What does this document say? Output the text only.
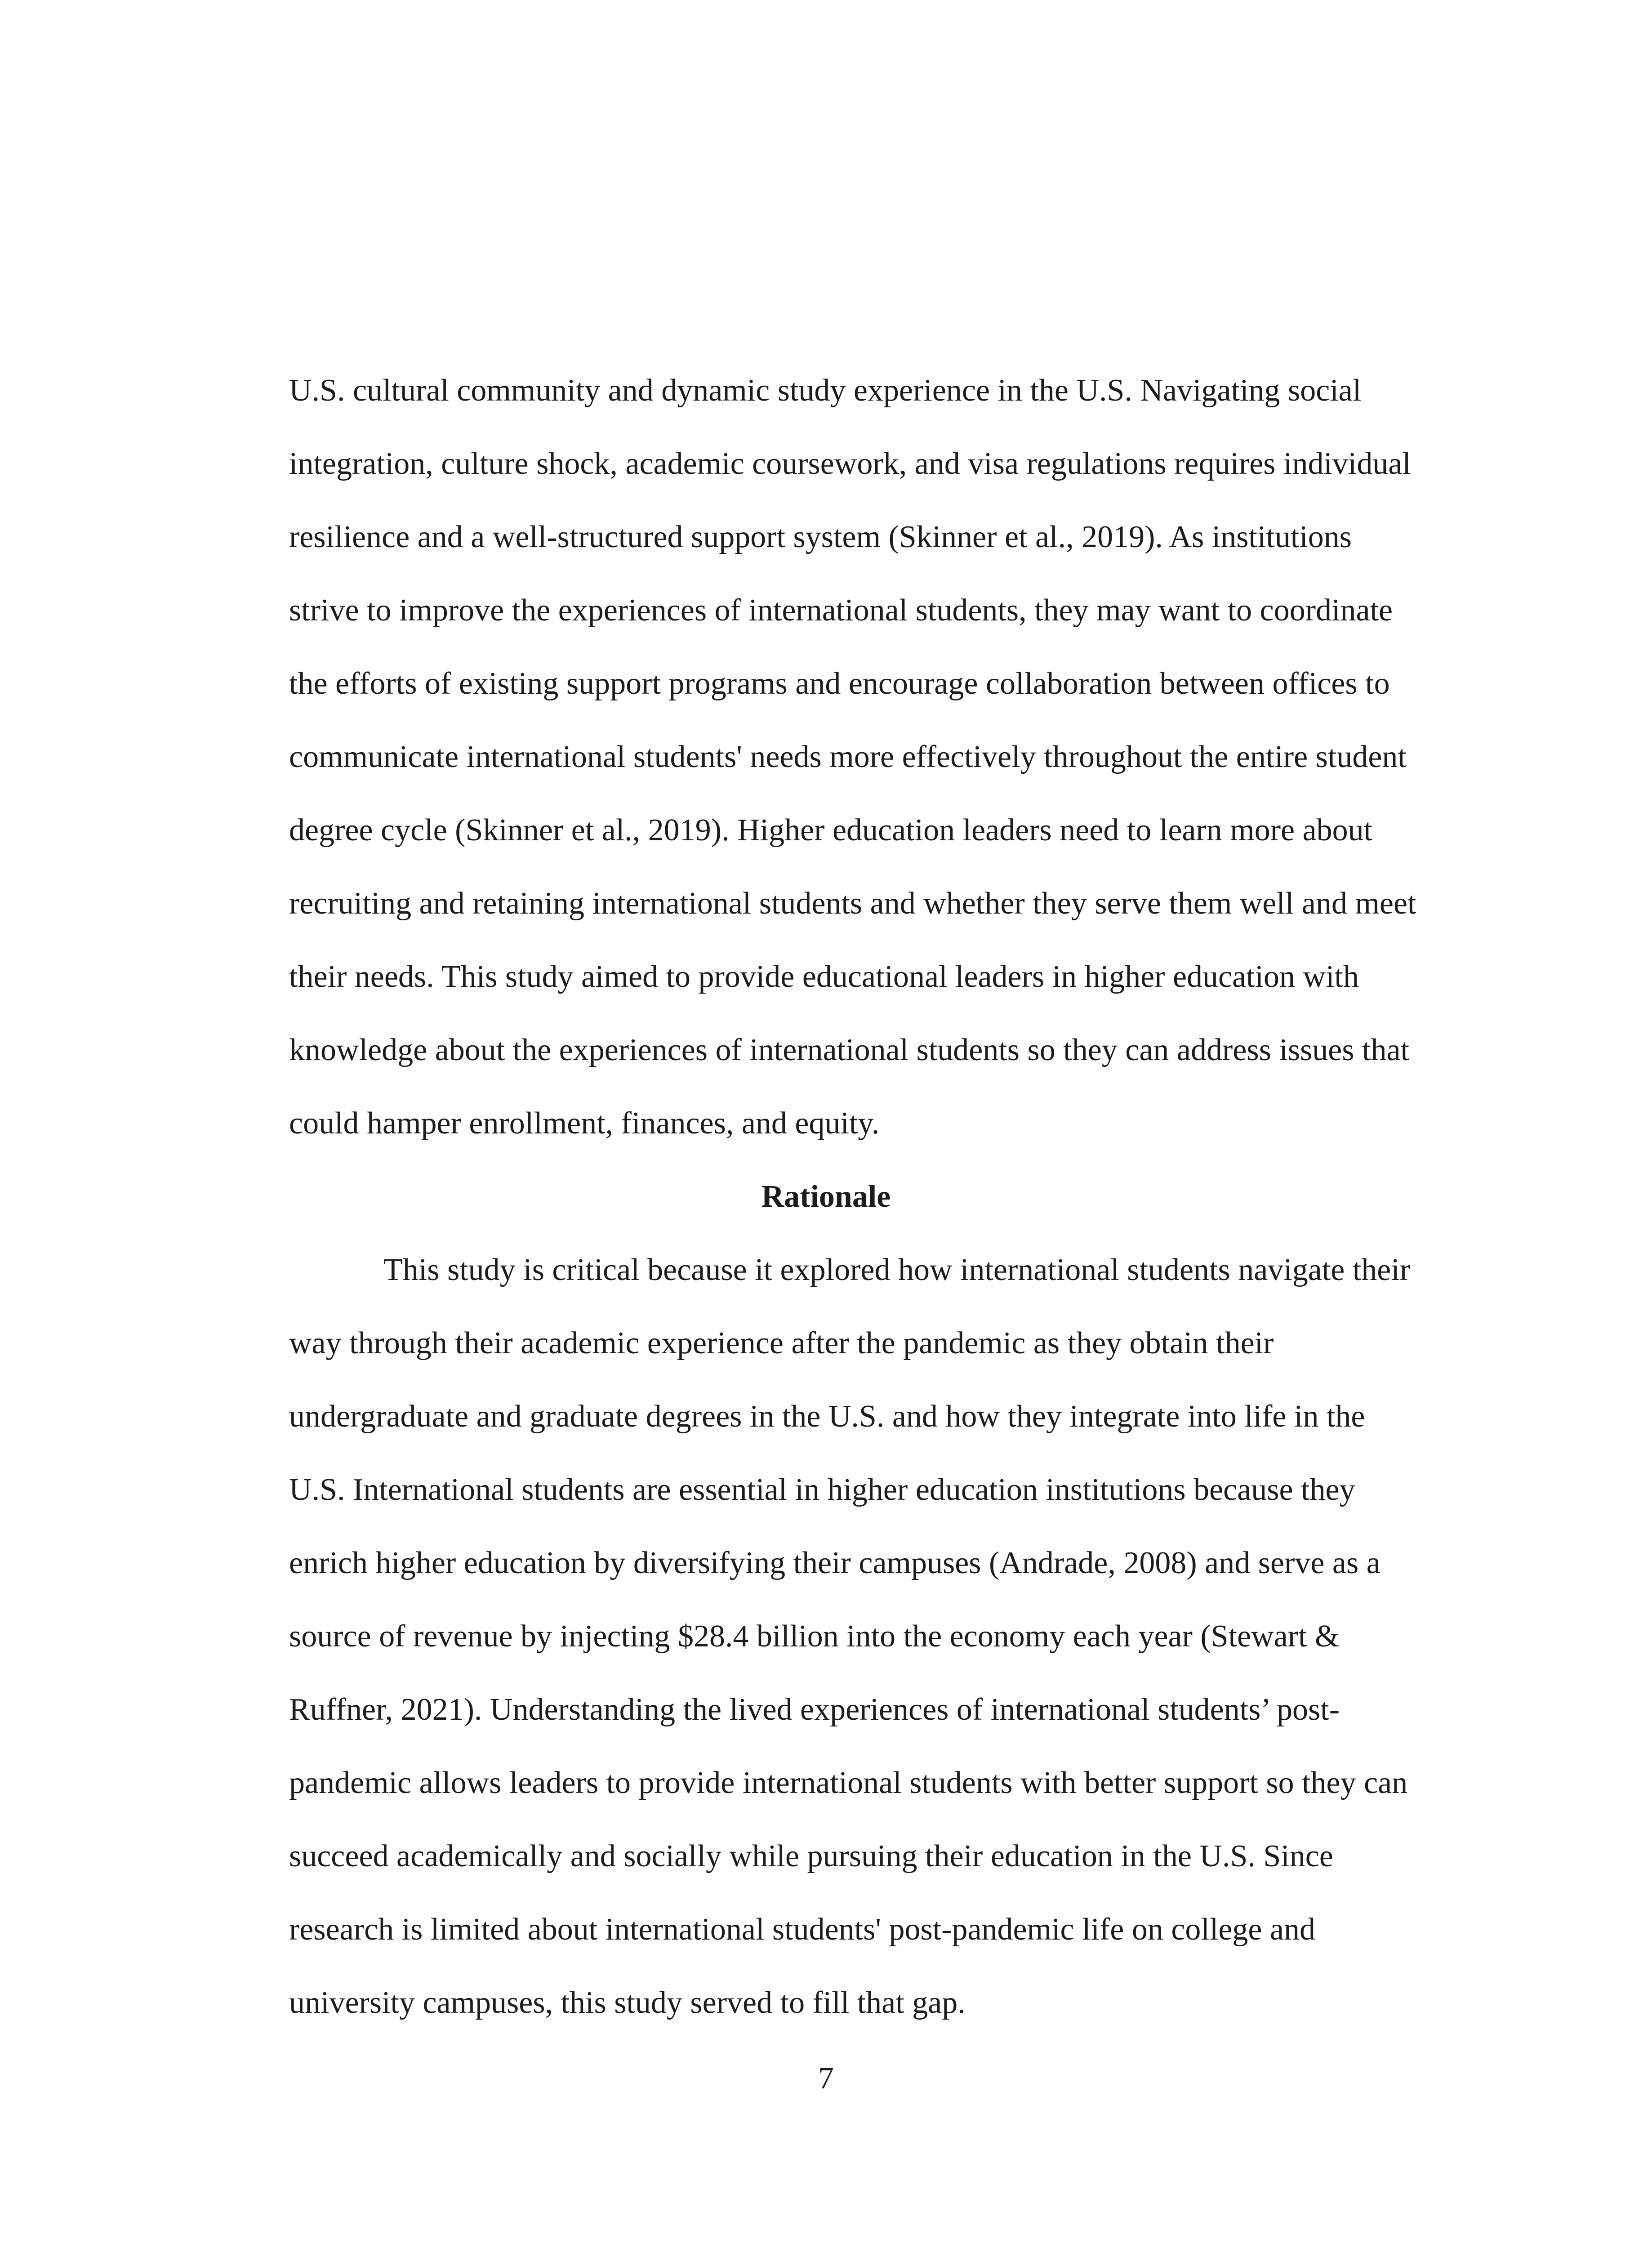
U.S. cultural community and dynamic study experience in the U.S. Navigating social
integration, culture shock, academic coursework, and visa regulations requires individual
resilience and a well-structured support system (Skinner et al., 2019). As institutions
strive to improve the experiences of international students, they may want to coordinate
the efforts of existing support programs and encourage collaboration between offices to
communicate international students' needs more effectively throughout the entire student
degree cycle (Skinner et al., 2019). Higher education leaders need to learn more about
recruiting and retaining international students and whether they serve them well and meet
their needs. This study aimed to provide educational leaders in higher education with
knowledge about the experiences of international students so they can address issues that
could hamper enrollment, finances, and equity.
Rationale
This study is critical because it explored how international students navigate their
way through their academic experience after the pandemic as they obtain their
undergraduate and graduate degrees in the U.S. and how they integrate into life in the
U.S. International students are essential in higher education institutions because they
enrich higher education by diversifying their campuses (Andrade, 2008) and serve as a
source of revenue by injecting $28.4 billion into the economy each year (Stewart &
Ruffner, 2021). Understanding the lived experiences of international students’ post-
pandemic allows leaders to provide international students with better support so they can
succeed academically and socially while pursuing their education in the U.S. Since
research is limited about international students' post-pandemic life on college and
university campuses, this study served to fill that gap.
7
